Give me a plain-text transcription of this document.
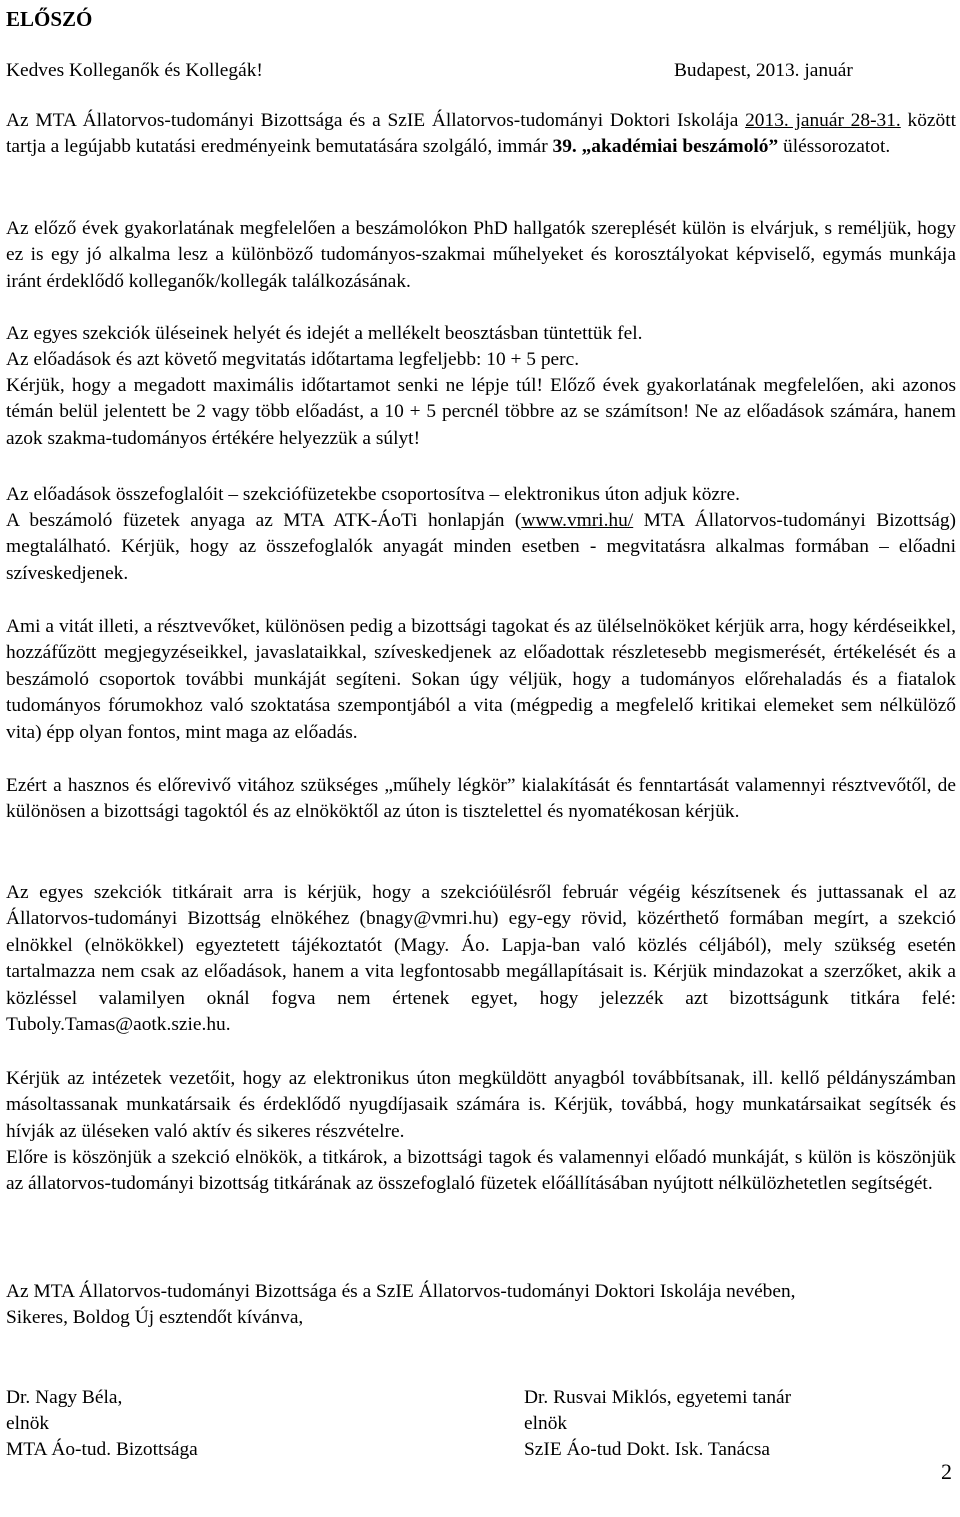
ELŐSZÓ
Kedves Kolleganők és Kollegák!	Budapest, 2013. január
Az MTA Állatorvos-tudományi Bizottsága és a SzIE Állatorvos-tudományi Doktori Iskolája 2013. január 28-31. között tartja a legújabb kutatási eredményeink bemutatására szolgáló, immár 39. „akadémiai beszámoló” üléssorozatot.
Az előző évek gyakorlatának megfelelően a beszámolókon PhD hallgatók szereplését külön is elvárjuk, s reméljük, hogy ez is egy jó alkalma lesz a különböző tudományos-szakmai műhelyeket és korosztályokat képviselő, egymás munkája iránt érdeklődő kolleganők/kollegák találkozásának.
Az egyes szekciók üléseinek helyét és idejét a mellékelt beosztásban tüntettük fel.
Az előadások és azt követő megvitatás időtartama legfeljebb: 10 + 5 perc.
Kérjük, hogy a megadott maximális időtartamot senki ne lépje túl! Előző évek gyakorlatának megfelelően, aki azonos témán belül jelentett be 2 vagy több előadást, a 10 + 5 percnél többre az se számítson! Ne az előadások számára, hanem azok szakma-tudományos értékére helyezzük a súlyt!
Az előadások összefoglalóit – szekciófüzetekbe csoportosítva – elektronikus úton adjuk közre.
A beszámoló füzetek anyaga az MTA ATK-ÁoTi honlapján (www.vmri.hu/ MTA Állatorvos-tudományi Bizottság) megtalálható. Kérjük, hogy az összefoglalók anyagát minden esetben - megvitatásra alkalmas formában – előadni szíveskedjenek.
Ami a vitát illeti, a résztvevőket, különösen pedig a bizottsági tagokat és az ülélselnököket kérjük arra, hogy kérdéseikkel, hozzáfűzött megjegyzéseikkel, javaslataikkal, szíveskedjenek az előadottak részletesebb megismerését, értékelését és a beszámoló csoportok további munkáját segíteni. Sokan úgy véljük, hogy a tudományos előrehaladás és a fiatalok tudományos fórumokhoz való szoktatása szempontjából a vita (mégpedig a megfelelő kritikai elemeket sem nélkülöző vita) épp olyan fontos, mint maga az előadás.
Ezért a hasznos és előrevivő vitához szükséges „műhely légkör” kialakítását és fenntartását valamennyi résztvevőtől, de különösen a bizottsági tagoktól és az elnököktől az úton is tisztelettel és nyomatékosan kérjük.
Az egyes szekciók titkárait arra is kérjük, hogy a szekcióülésről február végéig készítsenek és juttassanak el az Állatorvos-tudományi Bizottság elnökéhez (bnagy@vmri.hu) egy-egy rövid, közérthető formában megírt, a szekció elnökkel (elnökökkel) egyeztetett tájékoztatót (Magy. Áo. Lapja-ban való közlés céljából), mely szükség esetén tartalmazza nem csak az előadások, hanem a vita legfontosabb megállapításait is. Kérjük mindazokat a szerzőket, akik a közléssel valamilyen oknál fogva nem értenek egyet, hogy jelezzék azt bizottságunk titkára felé: Tuboly.Tamas@aotk.szie.hu.
Kérjük az intézetek vezetőit, hogy az elektronikus úton megküldött anyagból továbbítsanak, ill. kellő példányszámban másoltassanak munkatársaik és érdeklődő nyugdíjasaik számára is. Kérjük, továbbá, hogy munkatársaikat segítsék és hívják az üléseken való aktív és sikeres részvételre.
Előre is köszönjük a szekció elnökök, a titkárok, a bizottsági tagok és valamennyi előadó munkáját, s külön is köszönjük az állatorvos-tudományi bizottság titkárának az összefoglaló füzetek előállításában nyújtott nélkülözhetetlen segítségét.
Az MTA Állatorvos-tudományi Bizottsága és a SzIE Állatorvos-tudományi Doktori Iskolája nevében,
Sikeres, Boldog Új esztendőt kívánva,
Dr. Nagy Béla,
elnök
MTA Áo-tud. Bizottsága
Dr. Rusvai Miklós, egyetemi tanár
elnök
SzIE Áo-tud Dokt. Isk. Tanácsa
2
